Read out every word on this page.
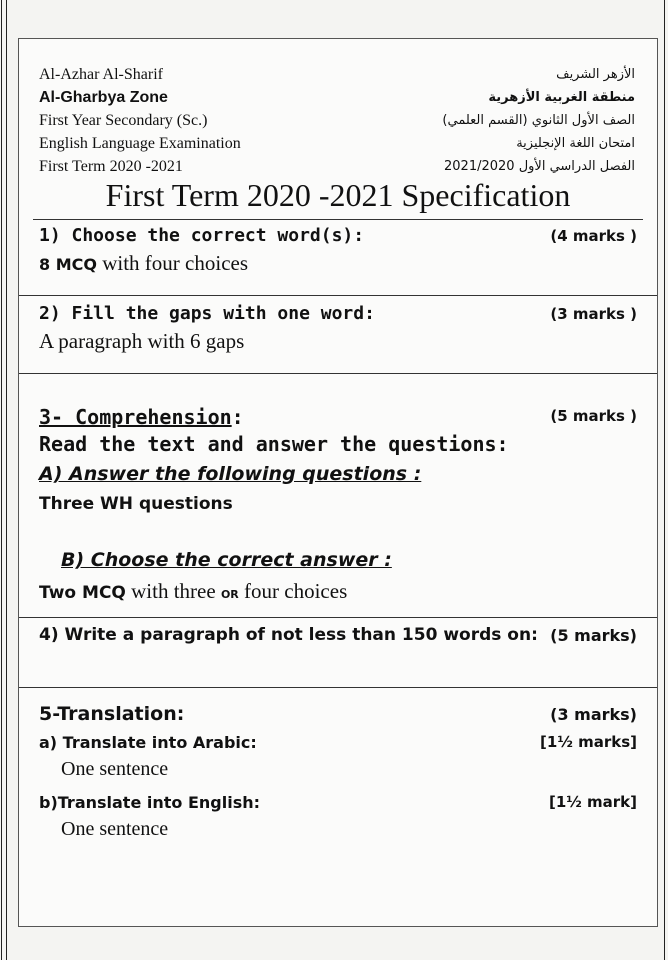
Al-Azhar Al-Sharif
Al-Gharbya Zone
First Year Secondary (Sc.)
English Language Examination
First Term 2020 -2021
الأزهر الشريف
منطقة الغربية الأزهرية
الصف الأول الثانوي (القسم العلمي)
امتحان اللغة الإنجليزية
الفصل الدراسي الأول 2021/2020
First Term 2020 -2021 Specification
1) Choose the correct word(s):	(4 marks )
8 MCQ with four choices
2) Fill the gaps with one word:	(3 marks )
A paragraph with 6 gaps
3- Comprehension:	(5 marks )
Read the text and answer the questions:
A) Answer the following questions :
Three WH questions
B) Choose the correct answer :
Two MCQ with three or four choices
4) Write a paragraph of not less than 150 words on: (5 marks)
5-Translation:	(3 marks)
a) Translate into Arabic:	[1½ marks]
One sentence
b)Translate into English:	[1½ mark]
One sentence
